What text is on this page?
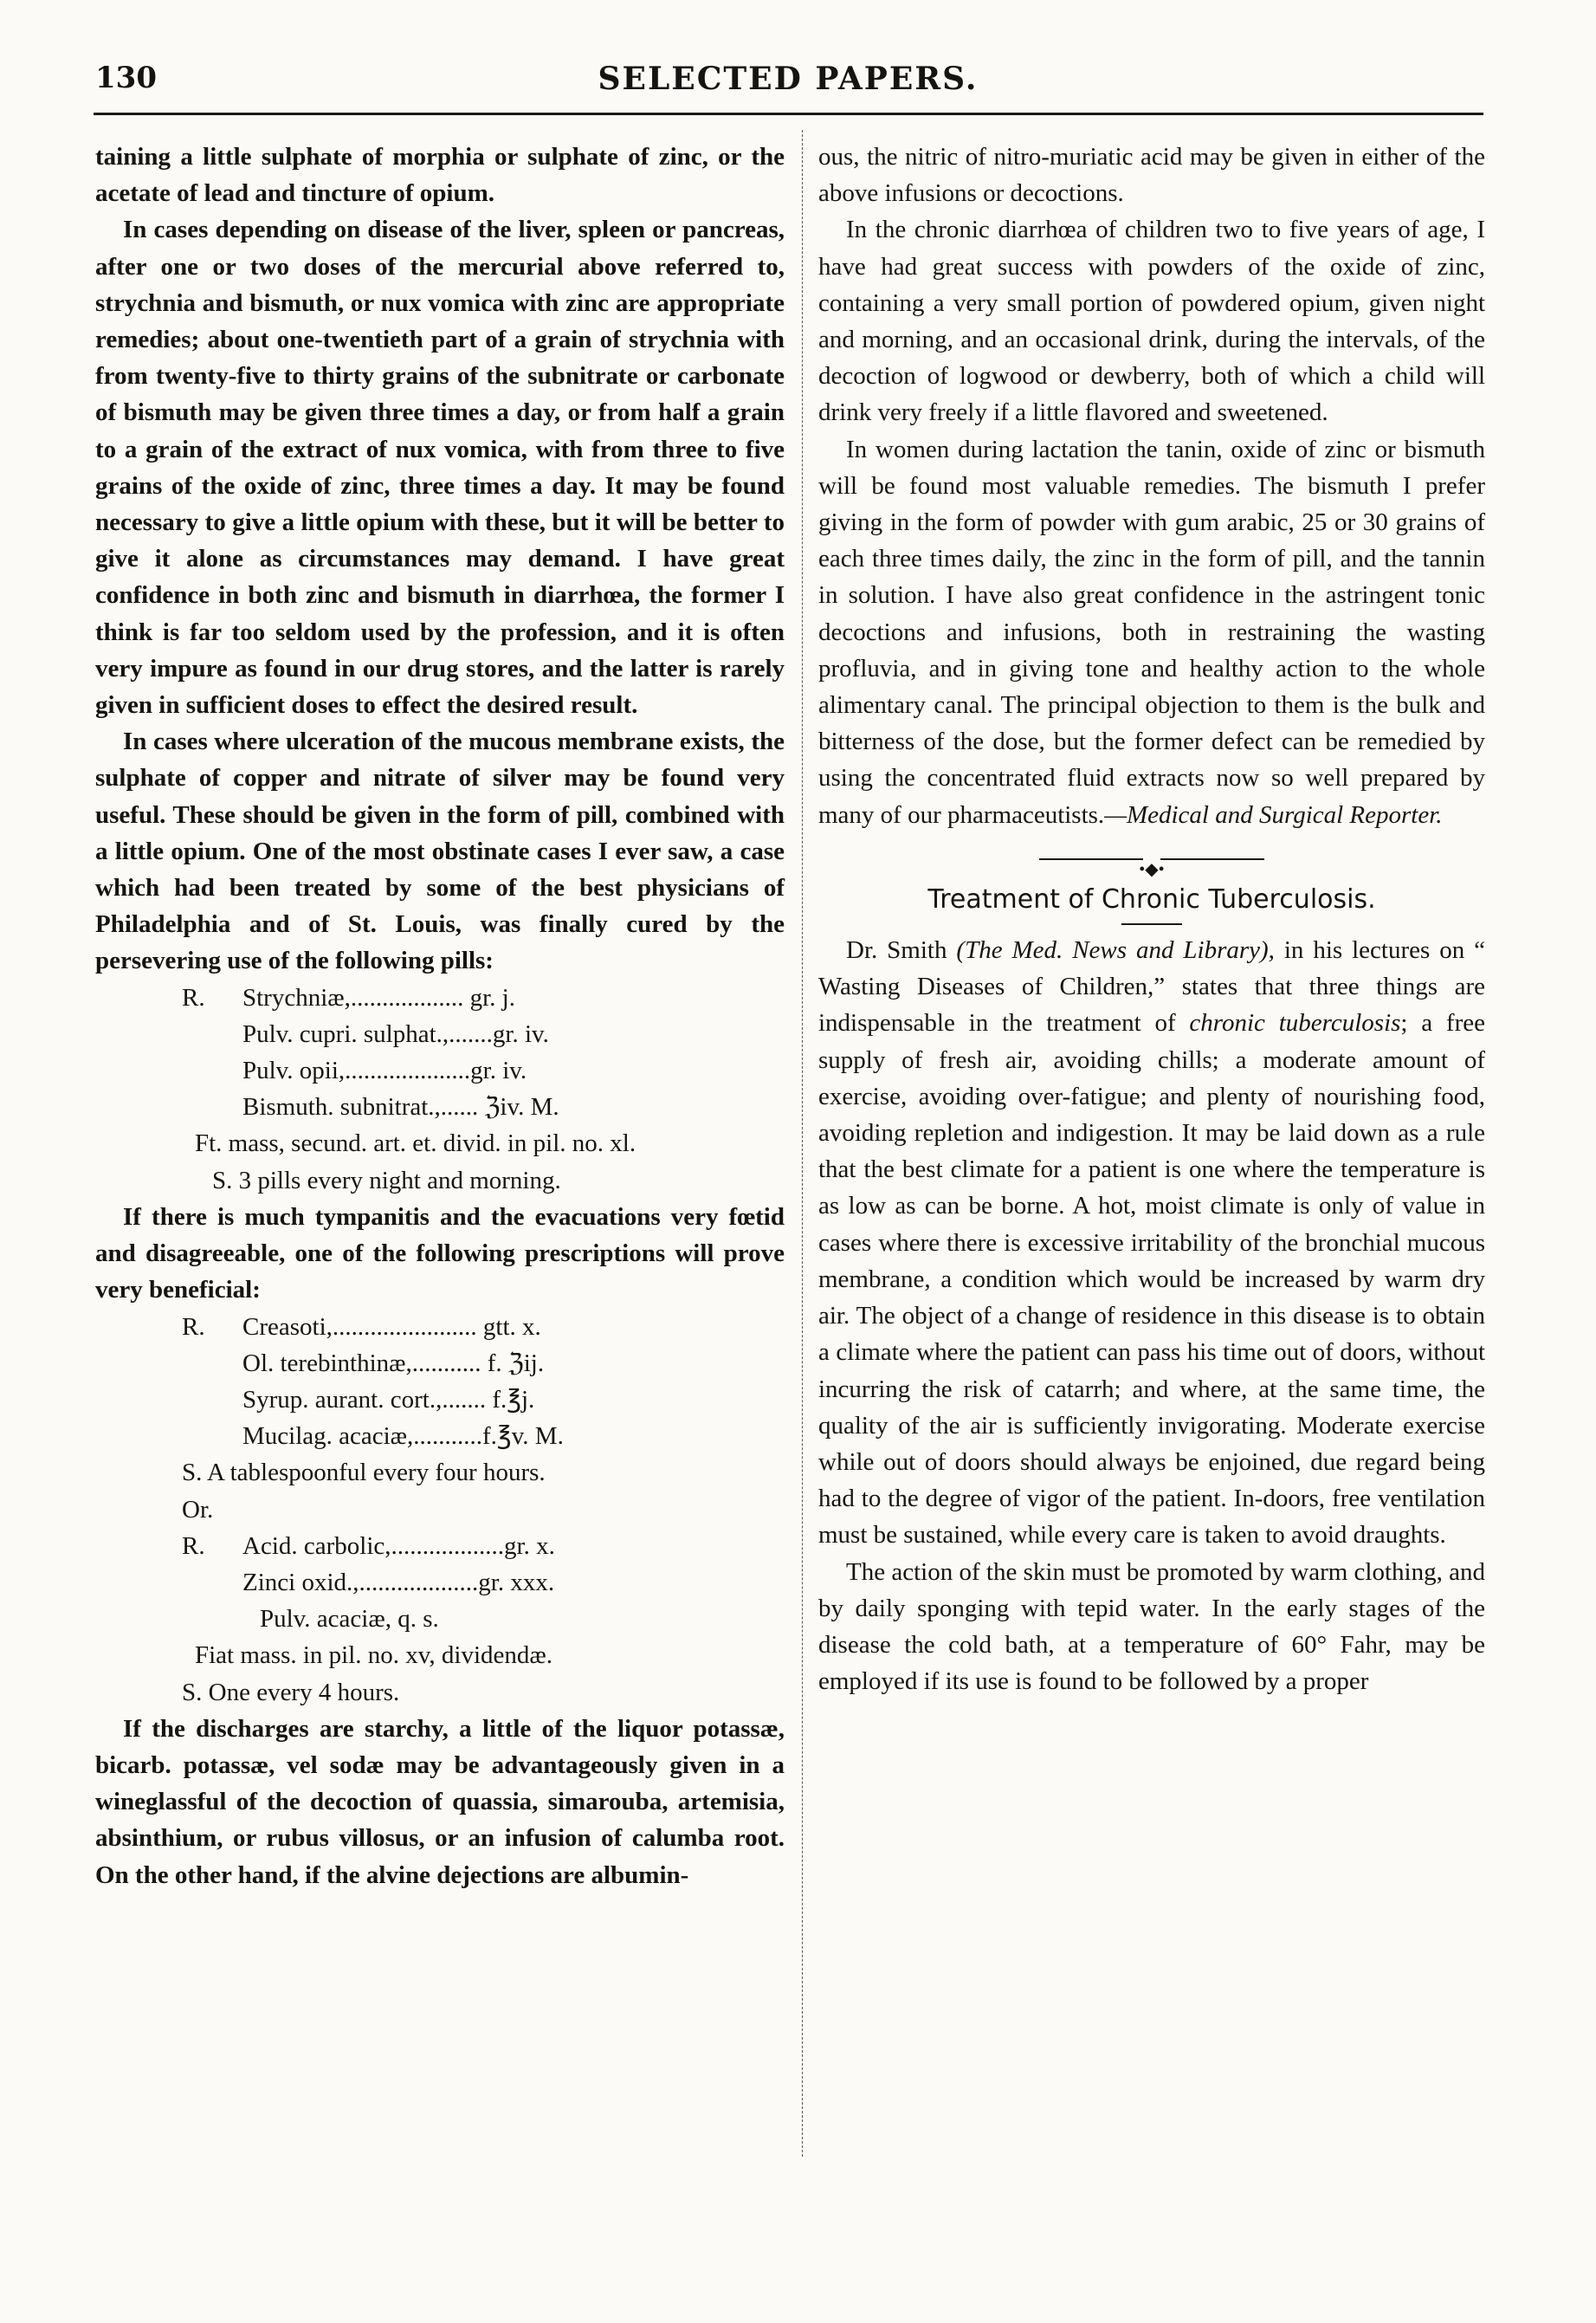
130	SELECTED PAPERS.

taining a little sulphate of morphia or sulphate of zinc, or the acetate of lead and tincture of opium.

In cases depending on disease of the liver, spleen or pancreas, after one or two doses of the mercurial above referred to, strychnia and bismuth, or nux vomica with zinc are appropriate remedies; about one-twentieth part of a grain of strychnia with from twenty-five to thirty grains of the subnitrate or carbonate of bismuth may be given three times a day, or from half a grain to a grain of the extract of nux vomica, with from three to five grains of the oxide of zinc, three times a day. It may be found necessary to give a little opium with these, but it will be better to give it alone as circumstances may demand. I have great confidence in both zinc and bismuth in diarrhœa, the former I think is far too seldom used by the profession, and it is often very impure as found in our drug stores, and the latter is rarely given in sufficient doses to effect the desired result.

In cases where ulceration of the mucous membrane exists, the sulphate of copper and nitrate of silver may be found very useful. These should be given in the form of pill, combined with a little opium. One of the most obstinate cases I ever saw, a case which had been treated by some of the best physicians of Philadelphia and of St. Louis, was finally cured by the persevering use of the following pills:

R.	Strychniæ,.................. gr. j.
Pulv. cupri. sulphat.,.......gr. iv.
Pulv. opii,....................gr. iv.
Bismuth. subnitrat.,...... ℨiv. M.
Ft. mass, secund. art. et. divid. in pil. no. xl.
S. 3 pills every night and morning.

If there is much tympanitis and the evacuations very fœtid and disagreeable, one of the following prescriptions will prove very beneficial:

R.	Creasoti,....................... gtt. x.
Ol. terebinthinæ,........... f. ℨij.
Syrup. aurant. cort.,....... f.℥j.
Mucilag. acaciæ,...........f.℥v. M.
S. A tablespoonful every four hours.
Or.
R.	Acid. carbolic,..................gr. x.
Zinci oxid.,...................gr. xxx.
Pulv. acaciæ, q. s.
Fiat mass. in pil. no. xv, dividendæ.
S. One every 4 hours.

If the discharges are starchy, a little of the liquor potassæ, bicarb. potassæ, vel sodæ may be advantageously given in a wineglassful of the decoction of quassia, simarouba, artemisia, absinthium, or rubus villosus, or an infusion of calumba root. On the other hand, if the alvine dejections are albumin-

ous, the nitric of nitro-muriatic acid may be given in either of the above infusions or decoctions.

In the chronic diarrhœa of children two to five years of age, I have had great success with powders of the oxide of zinc, containing a very small portion of powdered opium, given night and morning, and an occasional drink, during the intervals, of the decoction of logwood or dewberry, both of which a child will drink very freely if a little flavored and sweetened.

In women during lactation the tanin, oxide of zinc or bismuth will be found most valuable remedies. The bismuth I prefer giving in the form of powder with gum arabic, 25 or 30 grains of each three times daily, the zinc in the form of pill, and the tannin in solution. I have also great confidence in the astringent tonic decoctions and infusions, both in restraining the wasting profluvia, and in giving tone and healthy action to the whole alimentary canal. The principal objection to them is the bulk and bitterness of the dose, but the former defect can be remedied by using the concentrated fluid extracts now so well prepared by many of our pharmaceutists.—Medical and Surgical Reporter.

•◆•
Treatment of Chronic Tuberculosis.

Dr. Smith (The Med. News and Library), in his lectures on “ Wasting Diseases of Children,” states that three things are indispensable in the treatment of chronic tuberculosis; a free supply of fresh air, avoiding chills; a moderate amount of exercise, avoiding over-fatigue; and plenty of nourishing food, avoiding repletion and indigestion. It may be laid down as a rule that the best climate for a patient is one where the temperature is as low as can be borne. A hot, moist climate is only of value in cases where there is excessive irritability of the bronchial mucous membrane, a condition which would be increased by warm dry air. The object of a change of residence in this disease is to obtain a climate where the patient can pass his time out of doors, without incurring the risk of catarrh; and where, at the same time, the quality of the air is sufficiently invigorating. Moderate exercise while out of doors should always be enjoined, due regard being had to the degree of vigor of the patient. In-doors, free ventilation must be sustained, while every care is taken to avoid draughts.

The action of the skin must be promoted by warm clothing, and by daily sponging with tepid water. In the early stages of the disease the cold bath, at a temperature of 60° Fahr, may be employed if its use is found to be followed by a proper
